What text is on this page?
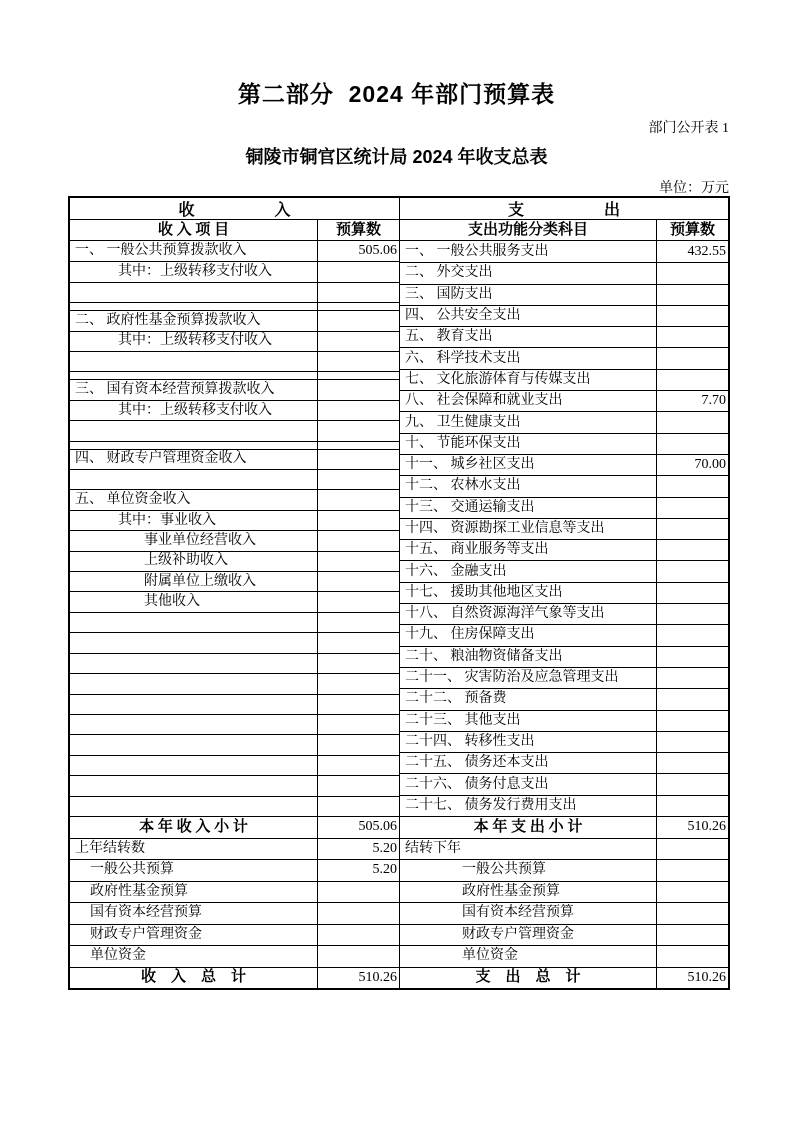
第二部分  2024 年部门预算表
部门公开表 1
铜陵市铜官区统计局 2024 年收支总表
单位：万元
收　　　　　入
收 入 项 目	预算数
一、 一般公共预算拨款收入	505.06
其中：上级转移支付收入
二、 政府性基金预算拨款收入
其中：上级转移支付收入
三、 国有资本经营预算拨款收入
其中：上级转移支付收入
四、 财政专户管理资金收入
五、 单位资金收入
其中：事业收入
事业单位经营收入
上级补助收入
附属单位上缴收入
其他收入
本 年 收 入 小 计	505.06
上年结转数	5.20
一般公共预算	5.20
政府性基金预算
国有资本经营预算
财政专户管理资金
单位资金
收　入　总　计	510.26
支　　　　　出
支出功能分类科目	预算数
一、 一般公共服务支出	432.55
二、 外交支出
三、 国防支出
四、 公共安全支出
五、 教育支出
六、 科学技术支出
七、 文化旅游体育与传媒支出
八、 社会保障和就业支出	7.70
九、 卫生健康支出
十、 节能环保支出
十一、 城乡社区支出	70.00
十二、 农林水支出
十三、 交通运输支出
十四、 资源勘探工业信息等支出
十五、 商业服务等支出
十六、 金融支出
十七、 援助其他地区支出
十八、 自然资源海洋气象等支出
十九、 住房保障支出
二十、 粮油物资储备支出
二十一、 灾害防治及应急管理支出
二十二、 预备费
二十三、 其他支出
二十四、 转移性支出
二十五、 债务还本支出
二十六、 债务付息支出
二十七、 债务发行费用支出
本 年 支 出 小 计	510.26
结转下年
一般公共预算
政府性基金预算
国有资本经营预算
财政专户管理资金
单位资金
支　出　总　计	510.26
